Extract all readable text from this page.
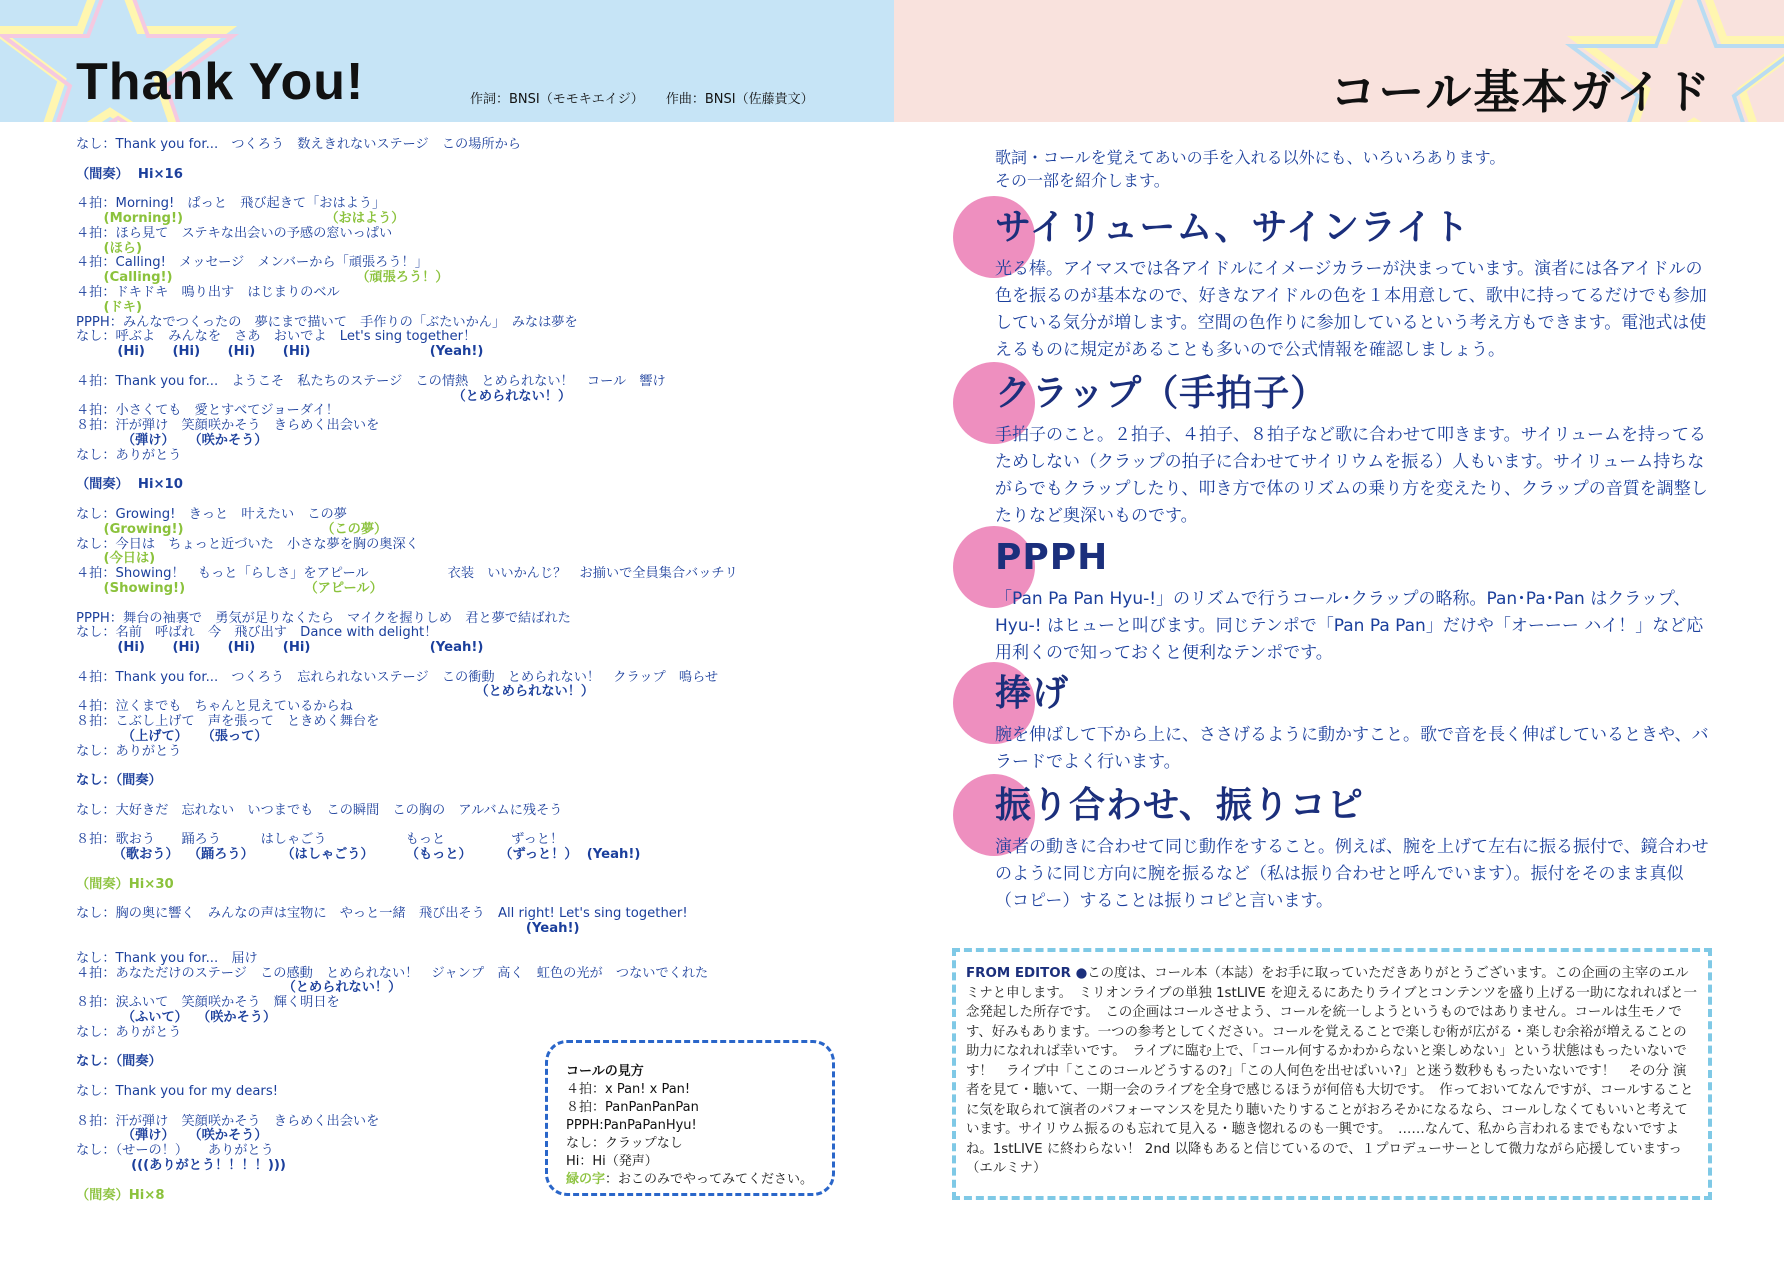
Thank You!	作詞：BNSI（モモキエイジ） 作曲：BNSI（佐藤貴文）	コール基本ガイド
なし：Thank you for...　つくろう　数えきれないステージ　この場所から
（間奏）  Hi×16
４拍：Morning!　ぱっと　飛び起きて「おはよう」
(Morning!)                               （おはよう）
４拍：ほら見て　ステキな出会いの予感の窓いっぱい
(ほら)
４拍：Calling!　メッセージ　メンバーから「頑張ろう！」
(Calling!)                                        （頑張ろう！）
４拍：ドキドキ　鳴り出す　はじまりのベル
(ドキ)
PPPH：みんなでつくったの　夢にまで描いて　手作りの「ぶたいかん」　みなは夢を
なし：呼ぶよ　みんなを　さあ　おいでよ　Let's sing together！
(Hi)      (Hi)      (Hi)      (Hi)                          (Yeah!)
４拍：Thank you for...　ようこそ　私たちのステージ　この情熱　とめられない！　コール　響け
（とめられない！）
４拍：小さくても　愛とすべてジョーダイ！
８拍：汗が弾け　笑顔咲かそう　きらめく出会いを
（弾け）   （咲かそう）
なし：ありがとう
（間奏）  Hi×10
なし：Growing!　きっと　叶えたい　この夢
(Growing!)                              （この夢）
なし：今日は　ちょっと近づいた　小さな夢を胸の奥深く
(今日は)
４拍：Showing！　もっと「らしさ」をアピール　　　　　　衣装　いいかんじ？　お揃いで全員集合バッチリ
(Showing!)                          （アピール）
PPPH：舞台の袖裏で　勇気が足りなくたら　マイクを握りしめ　君と夢で結ばれた
なし：名前　呼ばれ　今　飛び出す　Dance with delight！
(Hi)      (Hi)      (Hi)      (Hi)                          (Yeah!)
４拍：Thank you for...　つくろう　忘れられないステージ　この衝動　とめられない！　クラップ　鳴らせ
（とめられない！）
４拍：泣くまでも　ちゃんと見えているからね
８拍：こぶし上げて　声を張って　ときめく舞台を
（上げて）   （張って）
なし：ありがとう
なし：（間奏）
なし：大好きだ　忘れない　いつまでも　この瞬間　この胸の　アルバムに残そう
８拍：歌おう　　踊ろう　　　はしゃごう　　　　　　もっと　　　　　ずっと！
（歌おう）  （踊ろう）      （はしゃごう）       （もっと）      （ずっと！）  (Yeah!)
（間奏）Hi×30
なし：胸の奥に響く　みんなの声は宝物に　やっと一緒　飛び出そう　All right! Let's sing together!
(Yeah!)
なし：Thank you for...　届け
４拍：あなただけのステージ　この感動　とめられない！　ジャンプ　高く　虹色の光が　つないでくれた
（とめられない！）
８拍：涙ふいて　笑顔咲かそう　輝く明日を
（ふいて）  （咲かそう）
なし：ありがとう
なし：（間奏）
なし：Thank you for my dears!
８拍：汗が弾け　笑顔咲かそう　きらめく出会いを
（弾け）   （咲かそう）
なし：（せーの！）　　ありがとう
(((ありがとう！！！！)))
（間奏）Hi×8
コールの見方
４拍：x Pan! x Pan!
８拍：PanPanPanPan
PPPH:PanPaPanHyu!
なし：クラップなし
Hi：Hi（発声）
緑の字：おこのみでやってみてください。
歌詞・コールを覚えてあいの手を入れる以外にも、いろいろあります。
その一部を紹介します。
サイリューム、サインライト
光る棒。アイマスでは各アイドルにイメージカラーが決まっています。演者には各アイドルの色を振るのが基本なので、好きなアイドルの色を１本用意して、歌中に持ってるだけでも参加している気分が増します。空間の色作りに参加しているという考え方もできます。電池式は使えるものに規定があることも多いので公式情報を確認しましょう。
クラップ（手拍子）
手拍子のこと。２拍子、４拍子、８拍子など歌に合わせて叩きます。サイリュームを持ってるためしない（クラップの拍子に合わせてサイリウムを振る）人もいます。サイリューム持ちながらでもクラップしたり、叩き方で体のリズムの乗り方を変えたり、クラップの音質を調整したりなど奥深いものです。
PPPH
「Pan Pa Pan Hyu-!」のリズムで行うコール･クラップの略称。Pan･Pa･Pan はクラップ、Hyu-! はヒューと叫びます。同じテンポで「Pan Pa Pan」だけや「オーーー ハイ！」など応用利くので知っておくと便利なテンポです。
捧げ
腕を伸ばして下から上に、ささげるように動かすこと。歌で音を長く伸ばしているときや、バラードでよく行います。
振り合わせ、振りコピ
演者の動きに合わせて同じ動作をすること。例えば、腕を上げて左右に振る振付で、鏡合わせのように同じ方向に腕を振るなど（私は振り合わせと呼んでいます）。振付をそのまま真似（コピー）することは振りコピと言います。
FROM EDITOR ●この度は、コール本（本誌）をお手に取っていただきありがとうございます。この企画の主宰のエルミナと申します。　ミリオンライブの単独 1stLIVE を迎えるにあたりライブとコンテンツを盛り上げる一助になれればと一念発起した所存です。　この企画はコールさせよう、コールを統一しようというものではありません。コールは生モノです、好みもあります。一つの参考としてください。コールを覚えることで楽しむ術が広がる・楽しむ余裕が増えることの助力になれれば幸いです。　ライブに臨む上で、「コール何するかわからないと楽しめない」という状態はもったいないです！　ライブ中「ここのコールどうするの?」「この人何色を出せばいい?」と迷う数秒ももったいないです！　その分 演者を見て・聴いて、一期一会のライブを全身で感じるほうが何倍も大切です。　作っておいてなんですが、コールすることに気を取られて演者のパフォーマンスを見たり聴いたりすることがおろそかになるなら、コールしなくてもいいと考えています。サイリウム振るのも忘れて見入る・聴き惚れるのも一興です。　……なんて、私から言われるまでもないですよね。1stLIVE に終わらない！ 2nd 以降もあると信じているので、１プロデューサーとして微力ながら応援していますっ（エルミナ）
